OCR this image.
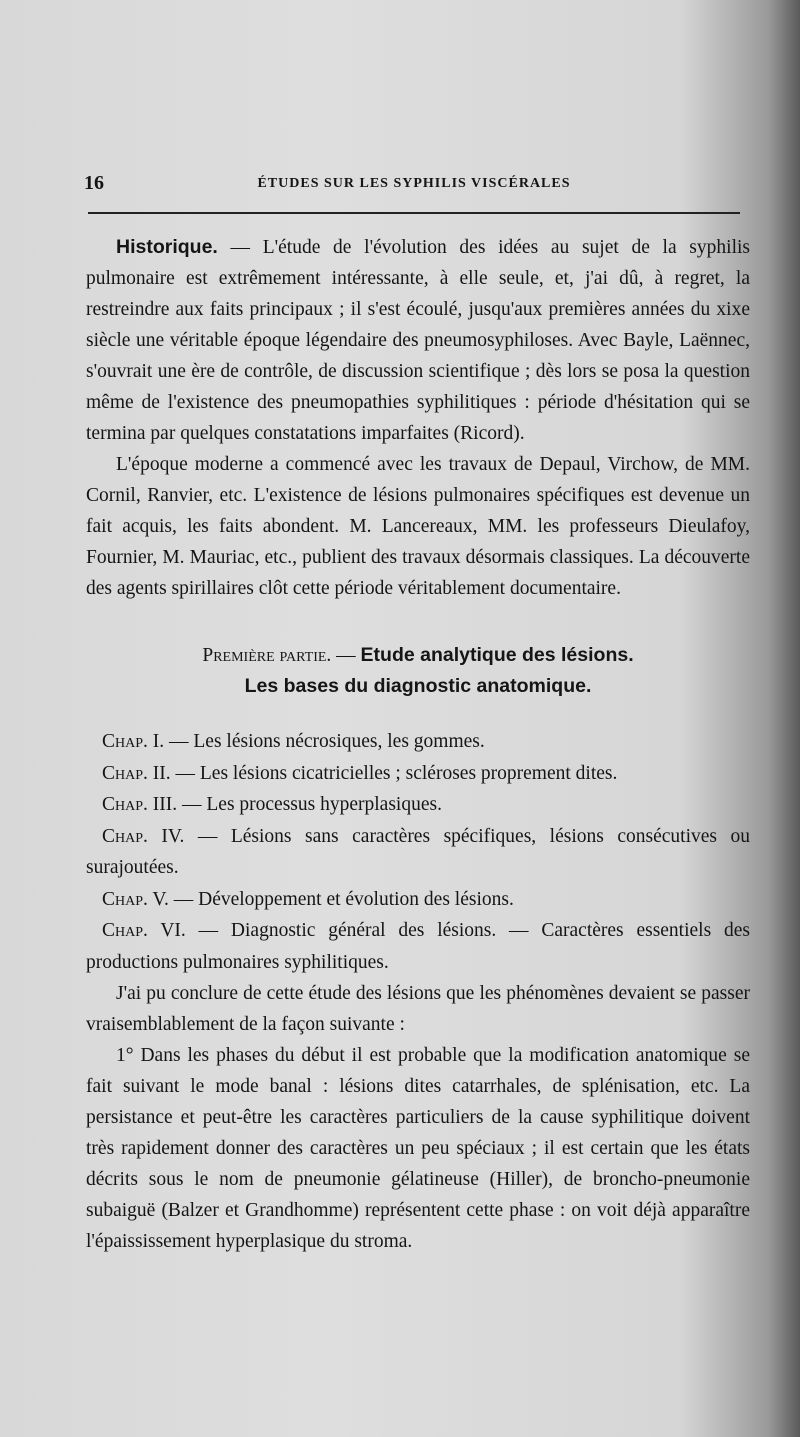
16	ÉTUDES SUR LES SYPHILIS VISCÉRALES

Historique. — L'étude de l'évolution des idées au sujet de la syphilis pulmonaire est extrêmement intéressante, à elle seule, et, j'ai dû, à regret, la restreindre aux faits principaux ; il s'est écoulé, jusqu'aux premières années du xixe siècle une véritable époque légendaire des pneumosyphiloses. Avec Bayle, Laënnec, s'ouvrait une ère de contrôle, de discussion scientifique ; dès lors se posa la question même de l'existence des pneumopathies syphilitiques : période d'hésitation qui se termina par quelques constatations imparfaites (Ricord).

L'époque moderne a commencé avec les travaux de Depaul, Virchow, de MM. Cornil, Ranvier, etc. L'existence de lésions pulmonaires spécifiques est devenue un fait acquis, les faits abondent. M. Lancereaux, MM. les professeurs Dieulafoy, Fournier, M. Mauriac, etc., publient des travaux désormais classiques. La découverte des agents spirillaires clôt cette période véritablement documentaire.

Première partie. — Etude analytique des lésions.
Les bases du diagnostic anatomique.

Chap. I. — Les lésions nécrosiques, les gommes.

Chap. II. — Les lésions cicatricielles ; scléroses proprement dites.

Chap. III. — Les processus hyperplasiques.

Chap. IV. — Lésions sans caractères spécifiques, lésions consécutives ou surajoutées.

Chap. V. — Développement et évolution des lésions.

Chap. VI. — Diagnostic général des lésions. — Caractères essentiels des productions pulmonaires syphilitiques.

J'ai pu conclure de cette étude des lésions que les phénomènes devaient se passer vraisemblablement de la façon suivante :

1° Dans les phases du début il est probable que la modification anatomique se fait suivant le mode banal : lésions dites catarrhales, de splénisation, etc. La persistance et peut-être les caractères particuliers de la cause syphilitique doivent très rapidement donner des caractères un peu spéciaux ; il est certain que les états décrits sous le nom de pneumonie gélatineuse (Hiller), de broncho-pneumonie subaiguë (Balzer et Grandhomme) représentent cette phase : on voit déjà apparaître l'épaississement hyperplasique du stroma.
